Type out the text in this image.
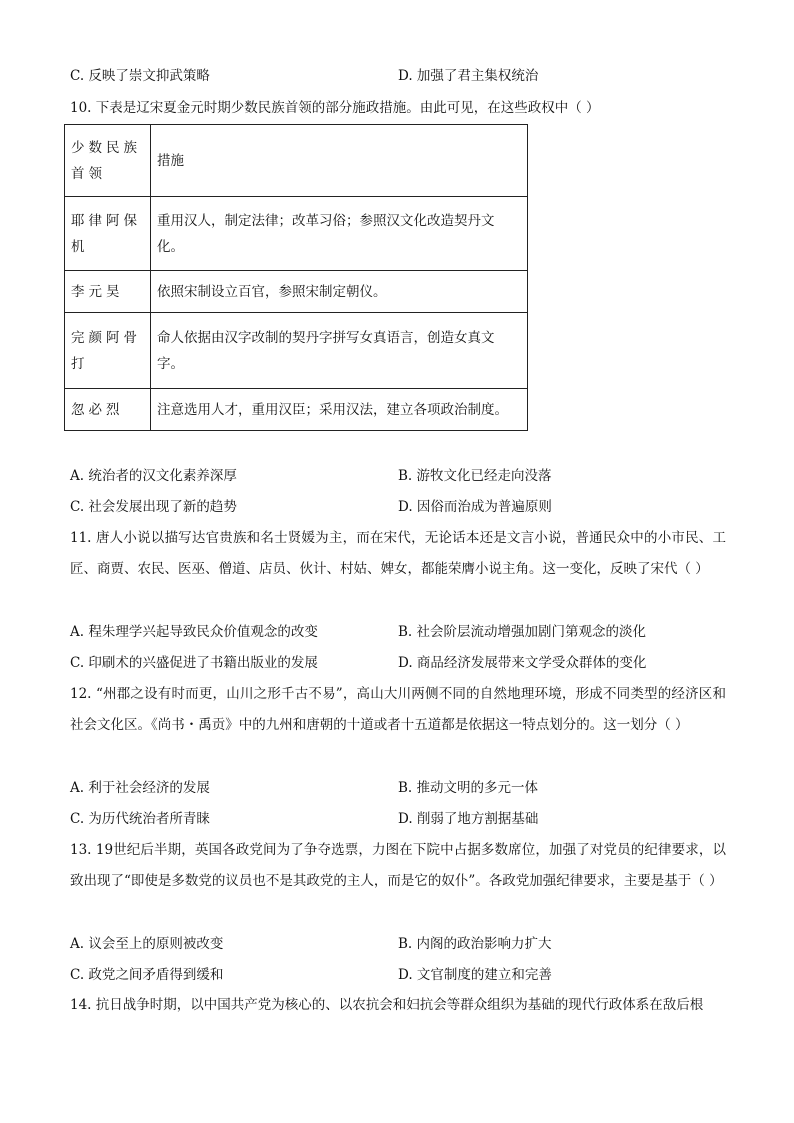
C. 反映了崇文抑武策略	D. 加强了君主集权统治
10. 下表是辽宋夏金元时期少数民族首领的部分施政措施。由此可见，在这些政权中（ ）
少数民族首领	措施
耶律阿保机	重用汉人，制定法律；改革习俗；参照汉文化改造契丹文化。
李元昊	依照宋制设立百官，参照宋制定朝仪。
完颜阿骨打	命人依据由汉字改制的契丹字拼写女真语言，创造女真文字。
忽必烈	注意选用人才，重用汉臣；采用汉法，建立各项政治制度。
A. 统治者的汉文化素养深厚	B. 游牧文化已经走向没落
C. 社会发展出现了新的趋势	D. 因俗而治成为普遍原则
11. 唐人小说以描写达官贵族和名士贤媛为主，而在宋代，无论话本还是文言小说，普通民众中的小市民、工匠、商贾、农民、医巫、僧道、店员、伙计、村姑、婢女，都能荣膺小说主角。这一变化，反映了宋代（ ）
A. 程朱理学兴起导致民众价值观念的改变	B. 社会阶层流动增强加剧门第观念的淡化
C. 印刷术的兴盛促进了书籍出版业的发展	D. 商品经济发展带来文学受众群体的变化
12. “州郡之设有时而更，山川之形千古不易”，高山大川两侧不同的自然地理环境，形成不同类型的经济区和社会文化区。《尚书・禹贡》中的九州和唐朝的十道或者十五道都是依据这一特点划分的。这一划分（ ）
A. 利于社会经济的发展	B. 推动文明的多元一体
C. 为历代统治者所青睐	D. 削弱了地方割据基础
13. 19世纪后半期，英国各政党间为了争夺选票，力图在下院中占据多数席位，加强了对党员的纪律要求，以致出现了“即使是多数党的议员也不是其政党的主人，而是它的奴仆”。各政党加强纪律要求，主要是基于（ ）
A. 议会至上的原则被改变	B. 内阁的政治影响力扩大
C. 政党之间矛盾得到缓和	D. 文官制度的建立和完善
14. 抗日战争时期，以中国共产党为核心的、以农抗会和妇抗会等群众组织为基础的现代行政体系在敌后根
